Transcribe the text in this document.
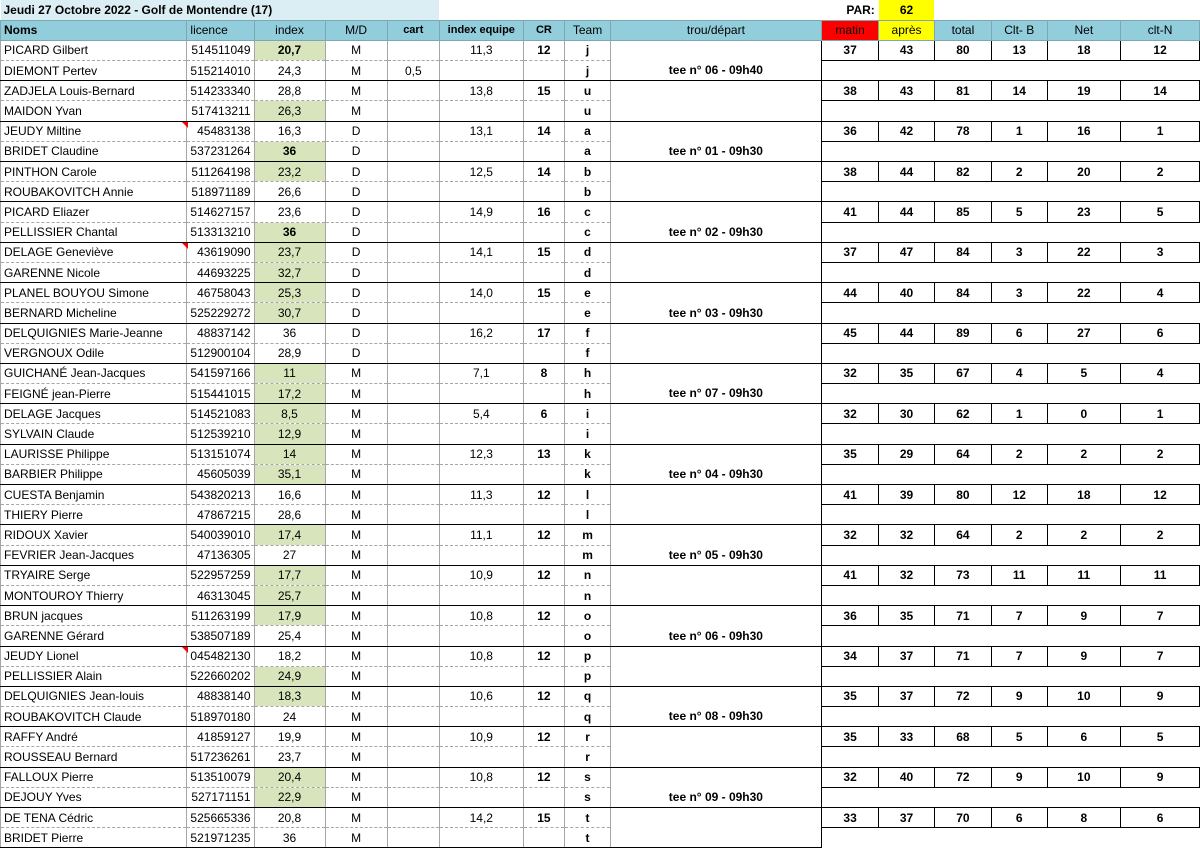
Jeudi 27 Octobre 2022 - Golf de Montendre (17)					PAR:					62				
Noms	licence	index	M/D	cart	index equipe	CR	Team	trou/départ	matin	après	total	Clt- B	Net	clt-N
PICARD Gilbert	514511049	20,7	M		11,3	12	j		37	43	80	13	18	12
DIEMONT Pertev	515214010	24,3	M	0,5			j	tee n° 06 - 09h40						
ZADJELA Louis-Bernard	514233340	28,8	M		13,8	15	u		38	43	81	14	19	14
MAIDON Yvan	517413211	26,3	M				u							
JEUDY Miltine	45483138	16,3	D		13,1	14	a		36	42	78	1	16	1
BRIDET Claudine	537231264	36	D				a	tee n° 01 - 09h30						
PINTHON Carole	511264198	23,2	D		12,5	14	b		38	44	82	2	20	2
ROUBAKOVITCH Annie	518971189	26,6	D				b							
PICARD Eliazer	514627157	23,6	D		14,9	16	c		41	44	85	5	23	5
PELLISSIER Chantal	513313210	36	D				c	tee n° 02 - 09h30						
DELAGE Geneviève	43619090	23,7	D		14,1	15	d		37	47	84	3	22	3
GARENNE Nicole	44693225	32,7	D				d							
PLANEL BOUYOU Simone	46758043	25,3	D		14,0	15	e		44	40	84	3	22	4
BERNARD Micheline	525229272	30,7	D				e	tee n° 03 - 09h30						
DELQUIGNIES Marie-Jeanne	48837142	36	D		16,2	17	f		45	44	89	6	27	6
VERGNOUX Odile	512900104	28,9	D				f							
GUICHANÉ Jean-Jacques	541597166	11	M		7,1	8	h		32	35	67	4	5	4
FEIGNÉ jean-Pierre	515441015	17,2	M				h	tee n° 07 - 09h30						
DELAGE Jacques	514521083	8,5	M		5,4	6	i		32	30	62	1	0	1
SYLVAIN Claude	512539210	12,9	M				i							
LAURISSE Philippe	513151074	14	M		12,3	13	k		35	29	64	2	2	2
BARBIER Philippe	45605039	35,1	M				k	tee n° 04 - 09h30						
CUESTA Benjamin	543820213	16,6	M		11,3	12	l		41	39	80	12	18	12
THIERY Pierre	47867215	28,6	M				l							
RIDOUX Xavier	540039010	17,4	M		11,1	12	m		32	32	64	2	2	2
FEVRIER Jean-Jacques	47136305	27	M				m	tee n° 05 - 09h30						
TRYAIRE Serge	522957259	17,7	M		10,9	12	n		41	32	73	11	11	11
MONTOUROY Thierry	46313045	25,7	M				n							
BRUN jacques	511263199	17,9	M		10,8	12	o		36	35	71	7	9	7
GARENNE Gérard	538507189	25,4	M				o	tee n° 06 - 09h30						
JEUDY Lionel	045482130	18,2	M		10,8	12	p		34	37	71	7	9	7
PELLISSIER Alain	522660202	24,9	M				p							
DELQUIGNIES Jean-louis	48838140	18,3	M		10,6	12	q		35	37	72	9	10	9
ROUBAKOVITCH Claude	518970180	24	M				q	tee n° 08 - 09h30						
RAFFY André	41859127	19,9	M		10,9	12	r		35	33	68	5	6	5
ROUSSEAU Bernard	517236261	23,7	M				r							
FALLOUX Pierre	513510079	20,4	M		10,8	12	s		32	40	72	9	10	9
DEJOUY Yves	527171151	22,9	M				s	tee n° 09 - 09h30						
DE TENA Cédric	525665336	20,8	M		14,2	15	t		33	37	70	6	8	6
BRIDET Pierre	521971235	36	M				t							
